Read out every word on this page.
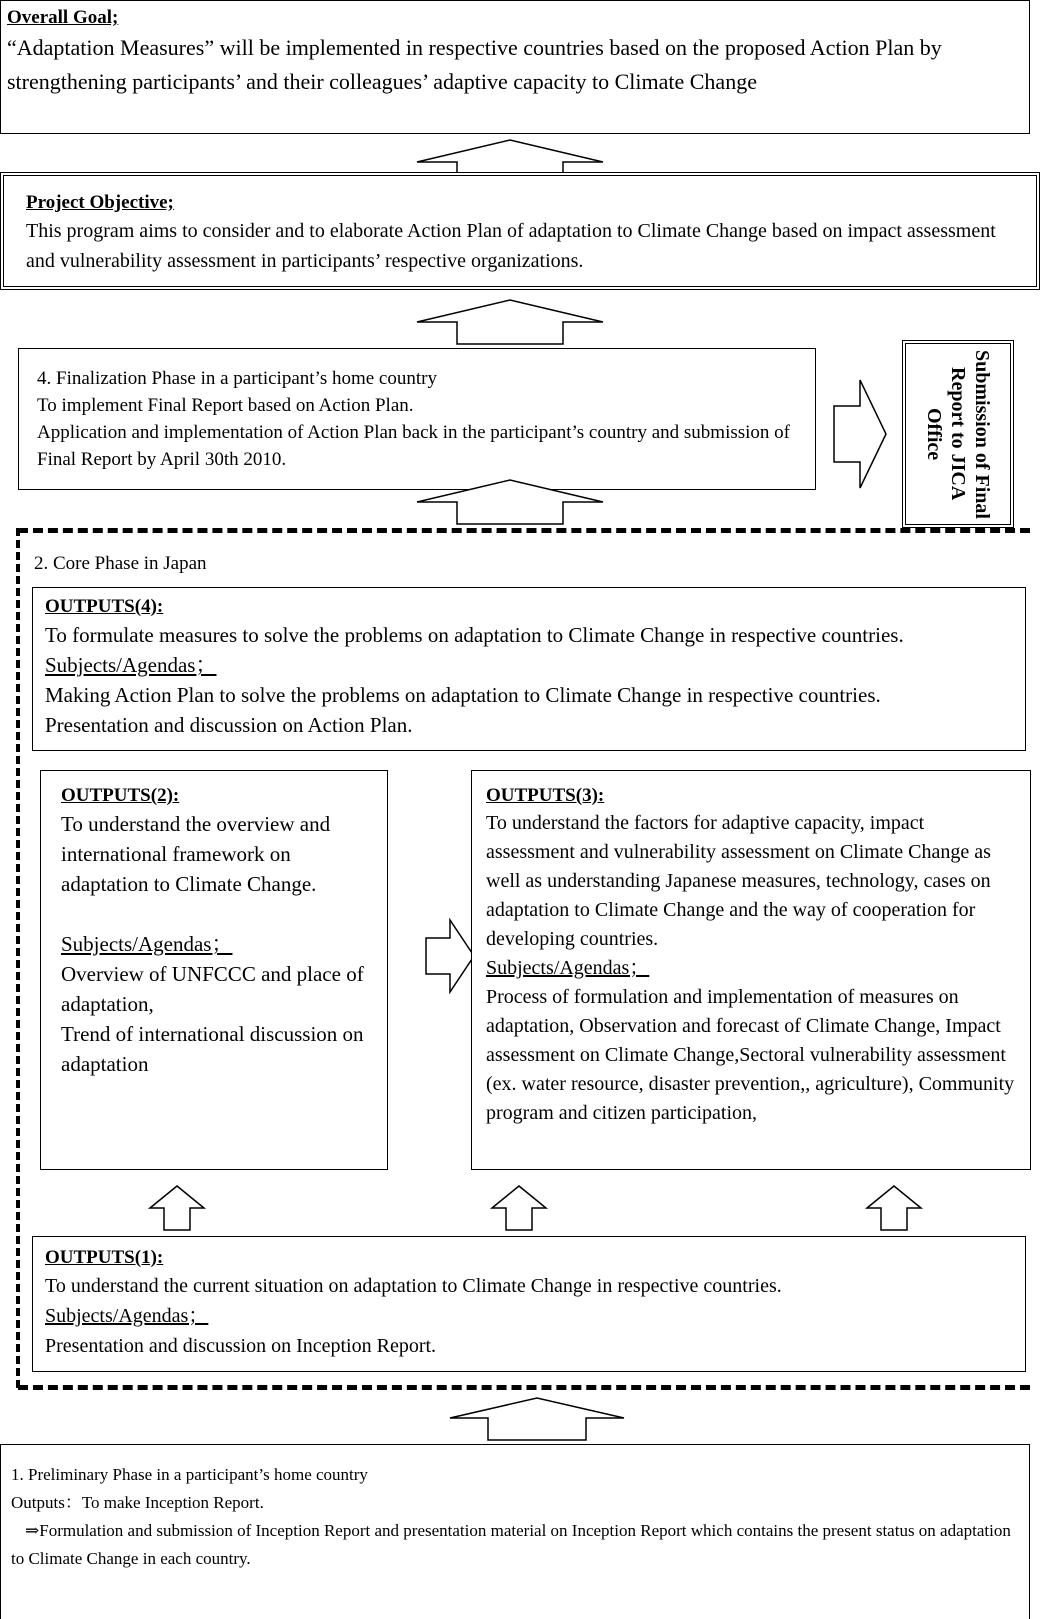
Overall Goal;
“Adaptation Measures” will be implemented in respective countries based on the proposed Action Plan by strengthening participants’ and their colleagues’ adaptive capacity to Climate Change
Project Objective;
This program aims to consider and to elaborate Action Plan of adaptation to Climate Change based on impact assessment and vulnerability assessment in participants’ respective organizations.

4. Finalization Phase in a participant’s home country

To implement Final Report based on Action Plan.

Application and implementation of Action Plan back in the participant’s country and submission of Final Report by April 30th 2010.	Submission of Final Report to JICA Office
2. Core Phase in Japan
OUTPUTS(4):
To formulate measures to solve the problems on adaptation to Climate Change in respective countries.
Subjects/Agendas；
Making Action Plan to solve the problems on adaptation to Climate Change in respective countries.
Presentation and discussion on Action Plan.
OUTPUTS(2):
To understand the overview and international framework on adaptation to Climate Change.
Subjects/Agendas；
Overview of UNFCCC and place of adaptation,
Trend of international discussion on adaptation
OUTPUTS(3):
To understand the factors for adaptive capacity, impact assessment and vulnerability assessment on Climate Change as well as understanding Japanese measures, technology, cases on adaptation to Climate Change and the way of cooperation for developing countries.
Subjects/Agendas；
Process of formulation and implementation of measures on adaptation, Observation and forecast of Climate Change, Impact assessment on Climate Change,Sectoral vulnerability assessment (ex. water resource, disaster prevention,, agriculture), Community program and citizen participation,
OUTPUTS(1):
To understand the current situation on adaptation to Climate Change in respective countries.
Subjects/Agendas；
Presentation and discussion on Inception Report.

1. Preliminary Phase in a participant’s home country

Outputs：To make Inception Report.

⇒Formulation and submission of Inception Report and presentation material on Inception Report which contains the present status on adaptation to Climate Change in each country.
